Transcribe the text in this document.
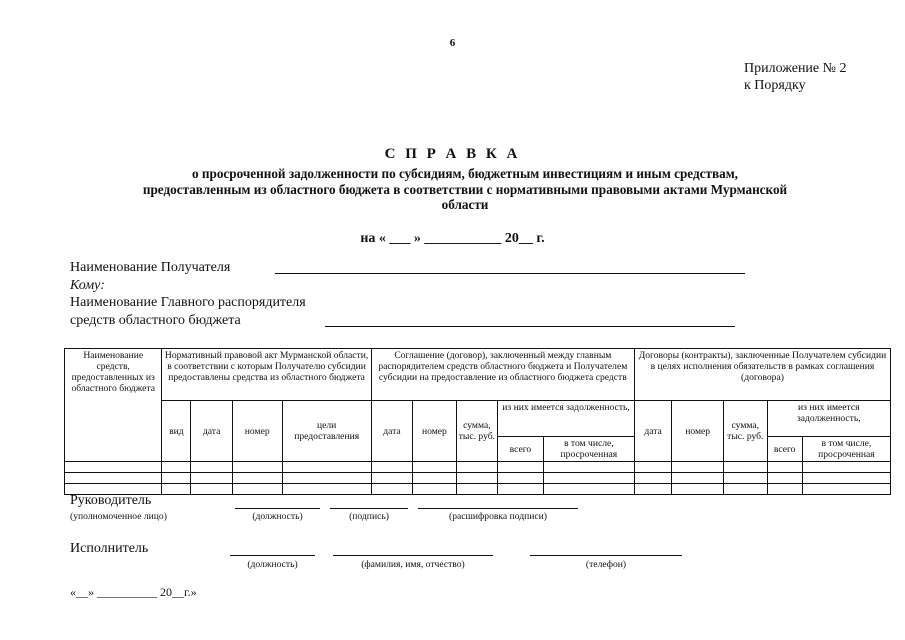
6
Приложение № 2
к Порядку
С П Р А В К А
о просроченной задолженности по субсидиям, бюджетным инвестициям и иным средствам,
предоставленным из областного бюджета в соответствии с нормативными правовыми актами Мурманской
области
на « ___ » ___________ 20__ г.
Наименование Получателя
Кому:
Наименование Главного распорядителя
средств областного бюджета
Наименование средств, предоставленных из областного бюджета	Нормативный правовой акт Мурманской области, в соответствии с которым Получателю субсидии предоставлены средства из областного бюджета				Соглашение (договор), заключенный между главным распорядителем средств областного бюджета и Получателем субсидии на предоставление из областного бюджета средств					Договоры (контракты), заключенные Получателем субсидии в целях исполнения обязательств в рамках соглашения (договора)				
	вид	дата	номер	цели предоставления	дата	номер	сумма, тыс. руб.	из них имеется задолженность,		дата	номер	сумма, тыс. руб.	из них имеется задолженность,	
								всего	в том числе, просроченная				всего	в том числе, просроченная

Руководитель
(уполномоченное лицо)	(должность)	(подпись)	(расшифровка подписи)
Исполнитель
(должность)	(фамилия, имя, отчество)	(телефон)
«__» __________ 20__г.»
